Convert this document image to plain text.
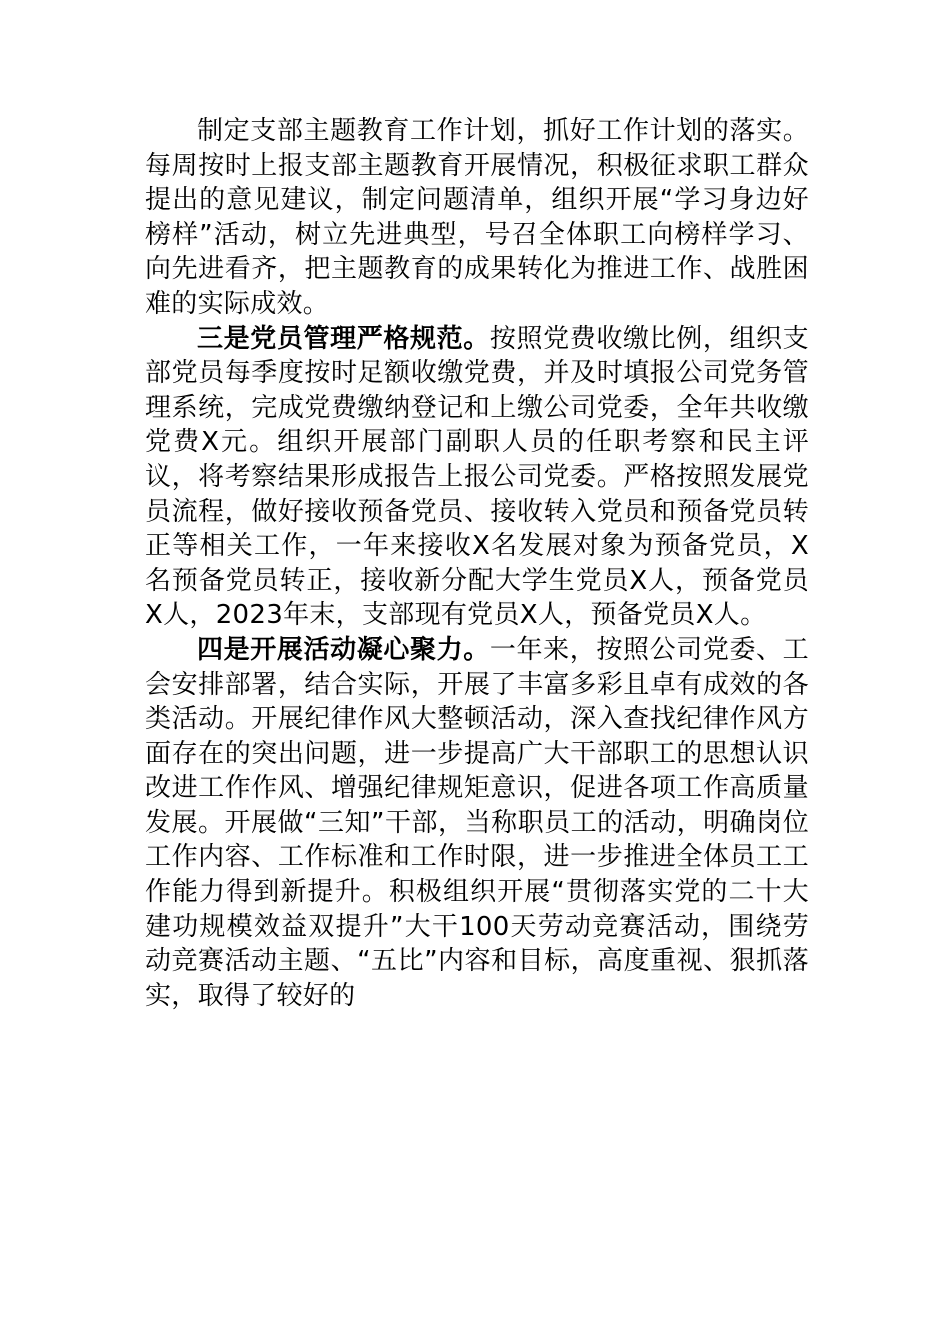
制定支部主题教育工作计划，抓好工作计划的落实。每周按时上报支部主题教育开展情况，积极征求职工群众提出的意见建议，制定问题清单，组织开展“学习身边好榜样”活动，树立先进典型，号召全体职工向榜样学习、向先进看齐，把主题教育的成果转化为推进工作、战胜困难的实际成效。

三是党员管理严格规范。按照党费收缴比例，组织支部党员每季度按时足额收缴党费，并及时填报公司党务管理系统，完成党费缴纳登记和上缴公司党委，全年共收缴党费X元。组织开展部门副职人员的任职考察和民主评议，将考察结果形成报告上报公司党委。严格按照发展党员流程，做好接收预备党员、接收转入党员和预备党员转正等相关工作，一年来接收X名发展对象为预备党员，X名预备党员转正，接收新分配大学生党员X人，预备党员X人，2023年末，支部现有党员X人，预备党员X人。

四是开展活动凝心聚力。一年来，按照公司党委、工会安排部署，结合实际，开展了丰富多彩且卓有成效的各类活动。开展纪律作风大整顿活动，深入查找纪律作风方面存在的突出问题，进一步提高广大干部职工的思想认识改进工作作风、增强纪律规矩意识，促进各项工作高质量发展。开展做“三知”干部，当称职员工的活动，明确岗位工作内容、工作标准和工作时限，进一步推进全体员工工作能力得到新提升。积极组织开展“贯彻落实党的二十大建功规模效益双提升”大干100天劳动竞赛活动，围绕劳动竞赛活动主题、“五比”内容和目标，高度重视、狠抓落实，取得了较好的
